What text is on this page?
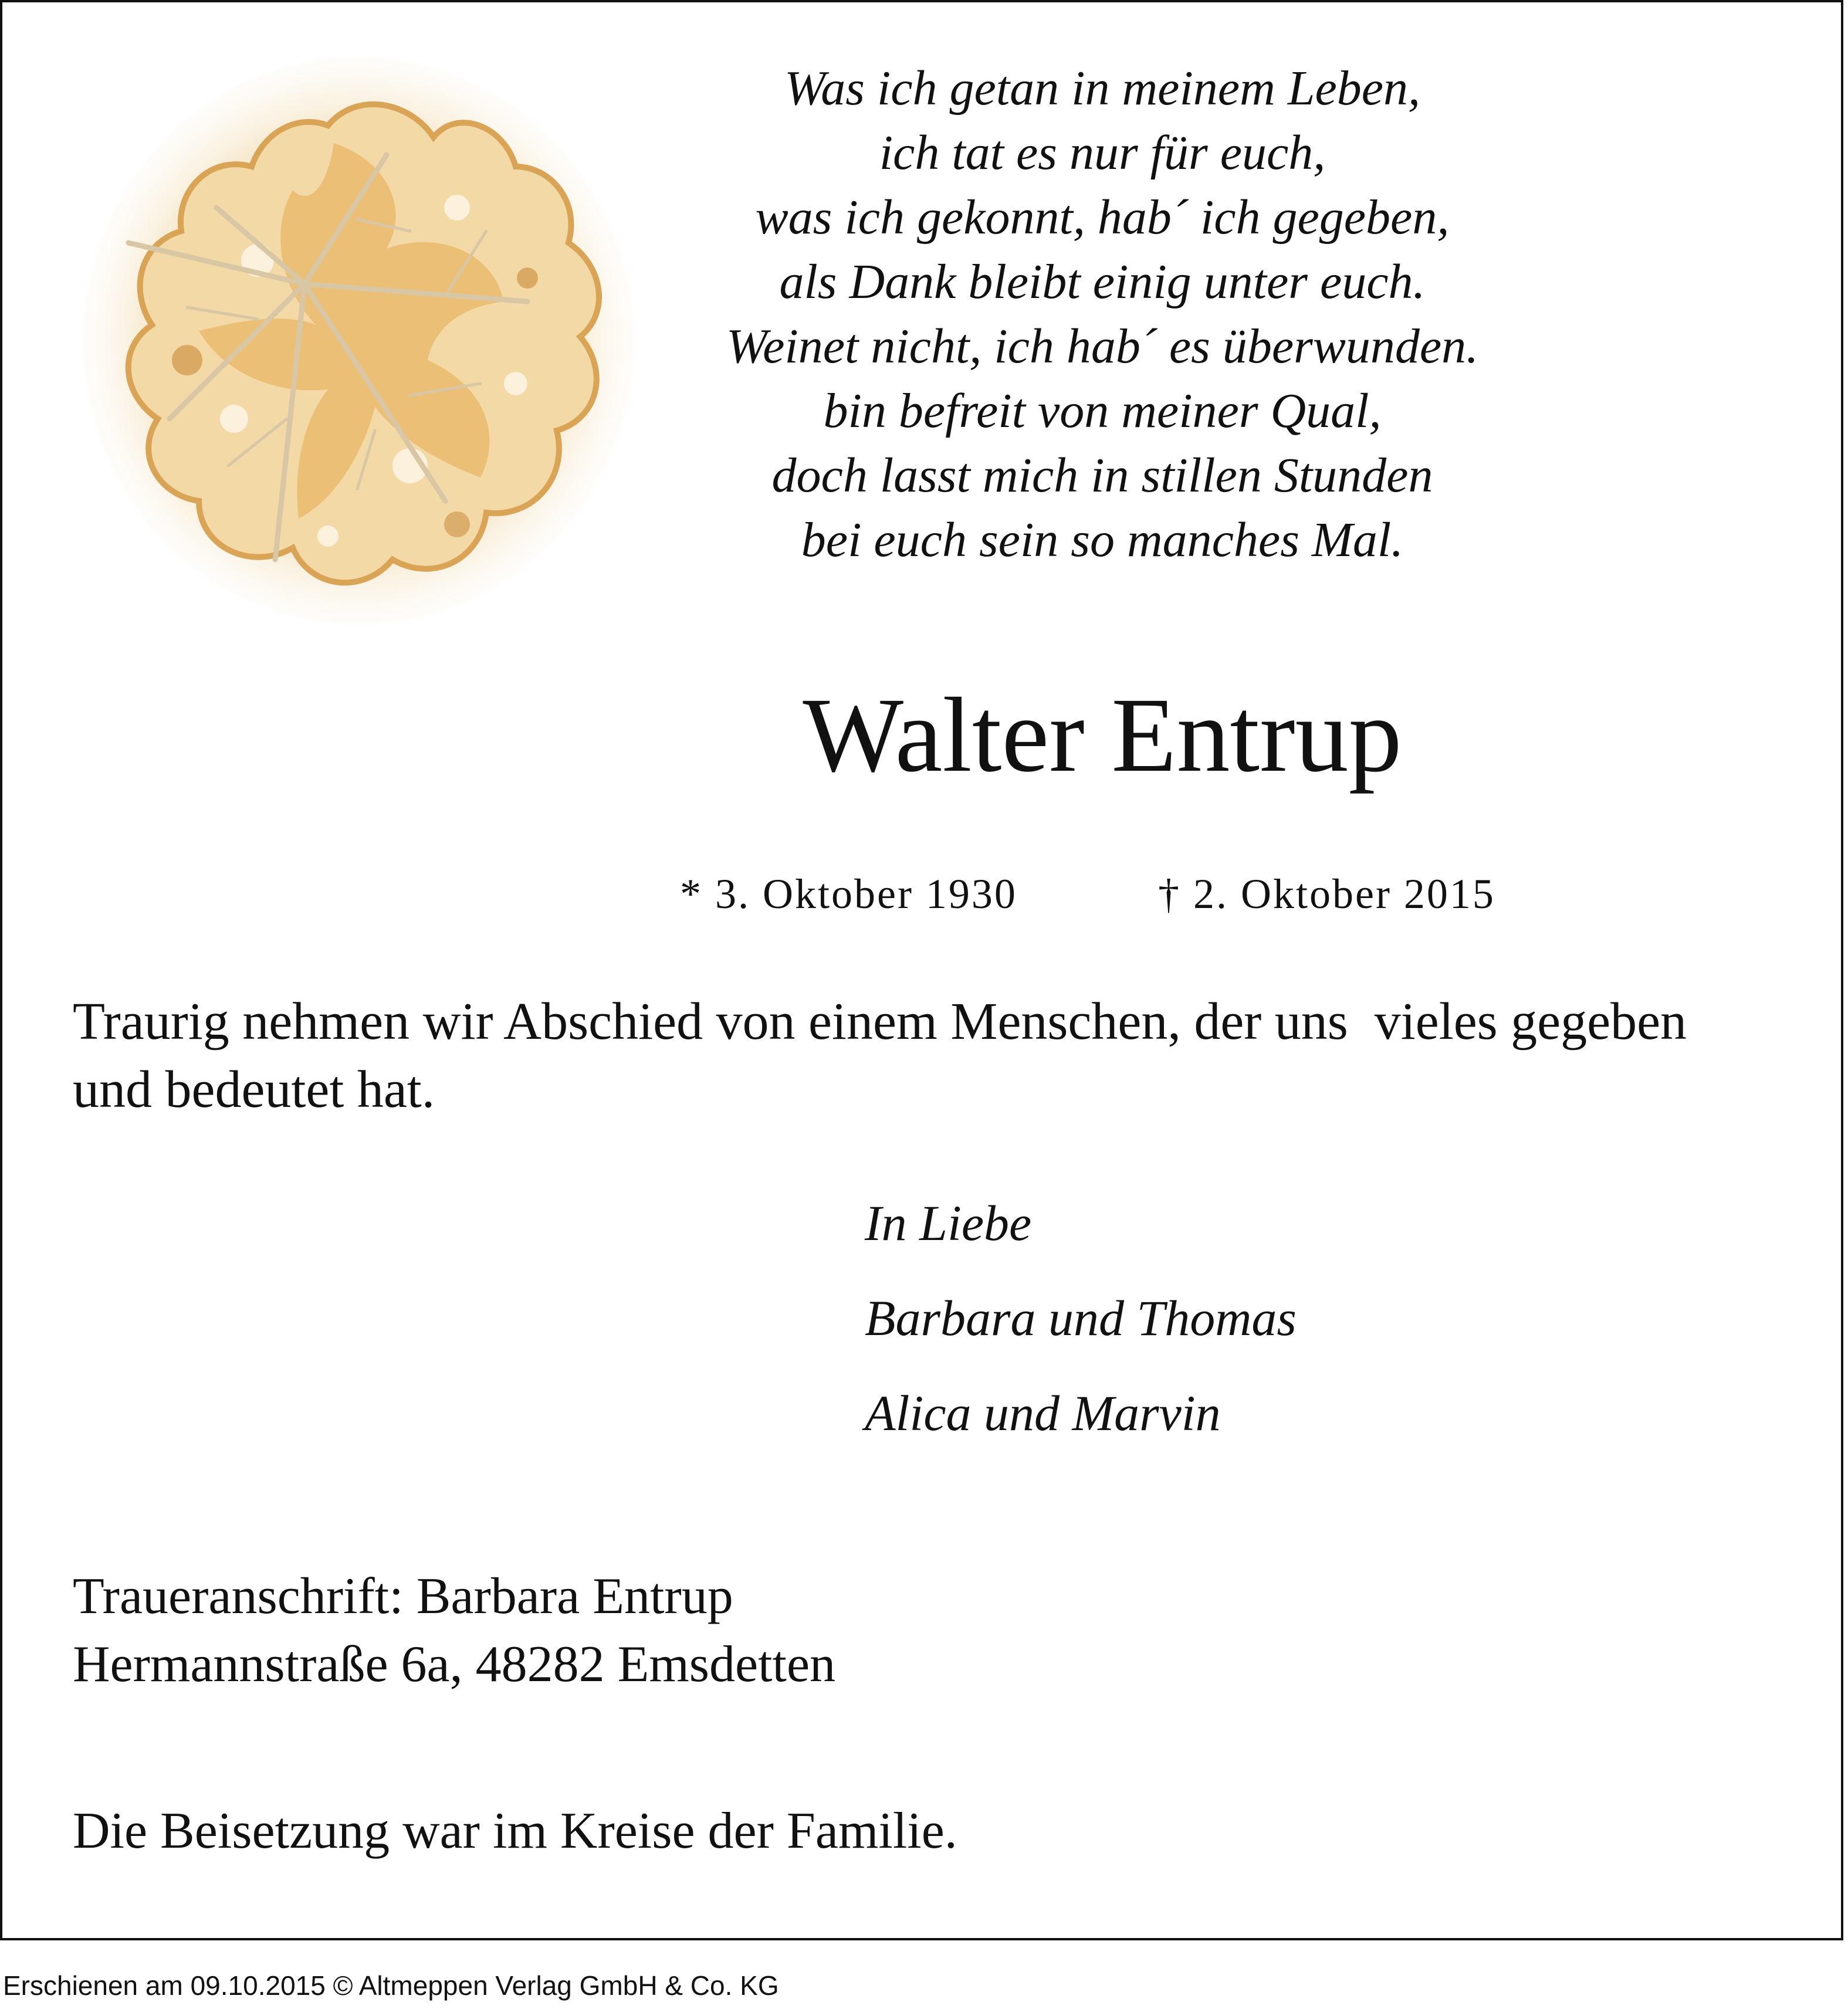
Was ich getan in meinem Leben,
ich tat es nur für euch,
was ich gekonnt, hab´ ich gegeben,
als Dank bleibt einig unter euch.
Weinet nicht, ich hab´ es überwunden.
bin befreit von meiner Qual,
doch lasst mich in stillen Stunden
bei euch sein so manches Mal.
Walter Entrup
* 3. Oktober 1930	† 2. Oktober 2015
Traurig nehmen wir Abschied von einem Menschen, der uns  vieles gegeben
und bedeutet hat.
In Liebe
Barbara und Thomas
Alica und Marvin
Traueranschrift: Barbara Entrup
Hermannstraße 6a, 48282 Emsdetten
Die Beisetzung war im Kreise der Familie.
Erschienen am 09.10.2015 © Altmeppen Verlag GmbH & Co. KG
